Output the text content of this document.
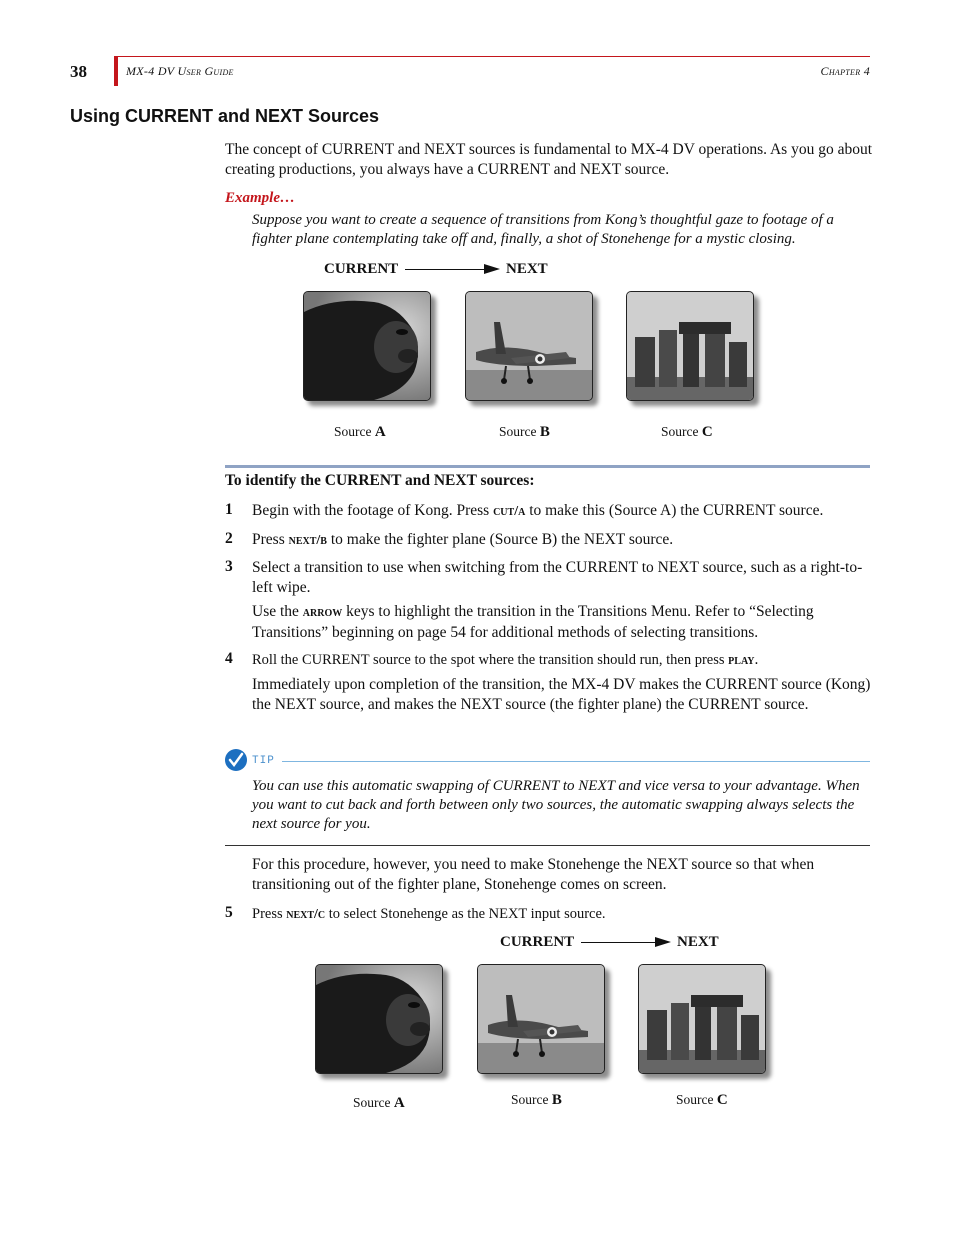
38	MX-4 DV User Guide	Chapter 4
Using CURRENT and NEXT Sources
The concept of CURRENT and NEXT sources is fundamental to MX-4 DV operations. As you go about creating productions, you always have a CURRENT and NEXT source.
Example…
Suppose you want to create a sequence of transitions from Kong’s thoughtful gaze to footage of a fighter plane contemplating take off and, finally, a shot of Stonehenge for a mystic closing.
CURRENT	NEXT
Source A	Source B	Source C
To identify the CURRENT and NEXT sources:
1 Begin with the footage of Kong. Press cut/a to make this (Source A) the CURRENT source.
2 Press next/b to make the fighter plane (Source B) the NEXT source.
3 Select a transition to use when switching from the CURRENT to NEXT source, such as a right-to-left wipe.
Use the arrow keys to highlight the transition in the Transitions Menu. Refer to “Selecting Transitions” beginning on page 54 for additional methods of selecting transitions.
4 Roll the CURRENT source to the spot where the transition should run, then press play.
Immediately upon completion of the transition, the MX-4 DV makes the CURRENT source (Kong) the NEXT source, and makes the NEXT source (the fighter plane) the CURRENT source.
TIP
You can use this automatic swapping of CURRENT to NEXT and vice versa to your advantage. When you want to cut back and forth between only two sources, the automatic swapping always selects the next source for you.
For this procedure, however, you need to make Stonehenge the NEXT source so that when transitioning out of the fighter plane, Stonehenge comes on screen.
5 Press next/c to select Stonehenge as the NEXT input source.
CURRENT	NEXT
Source A	Source B	Source C
